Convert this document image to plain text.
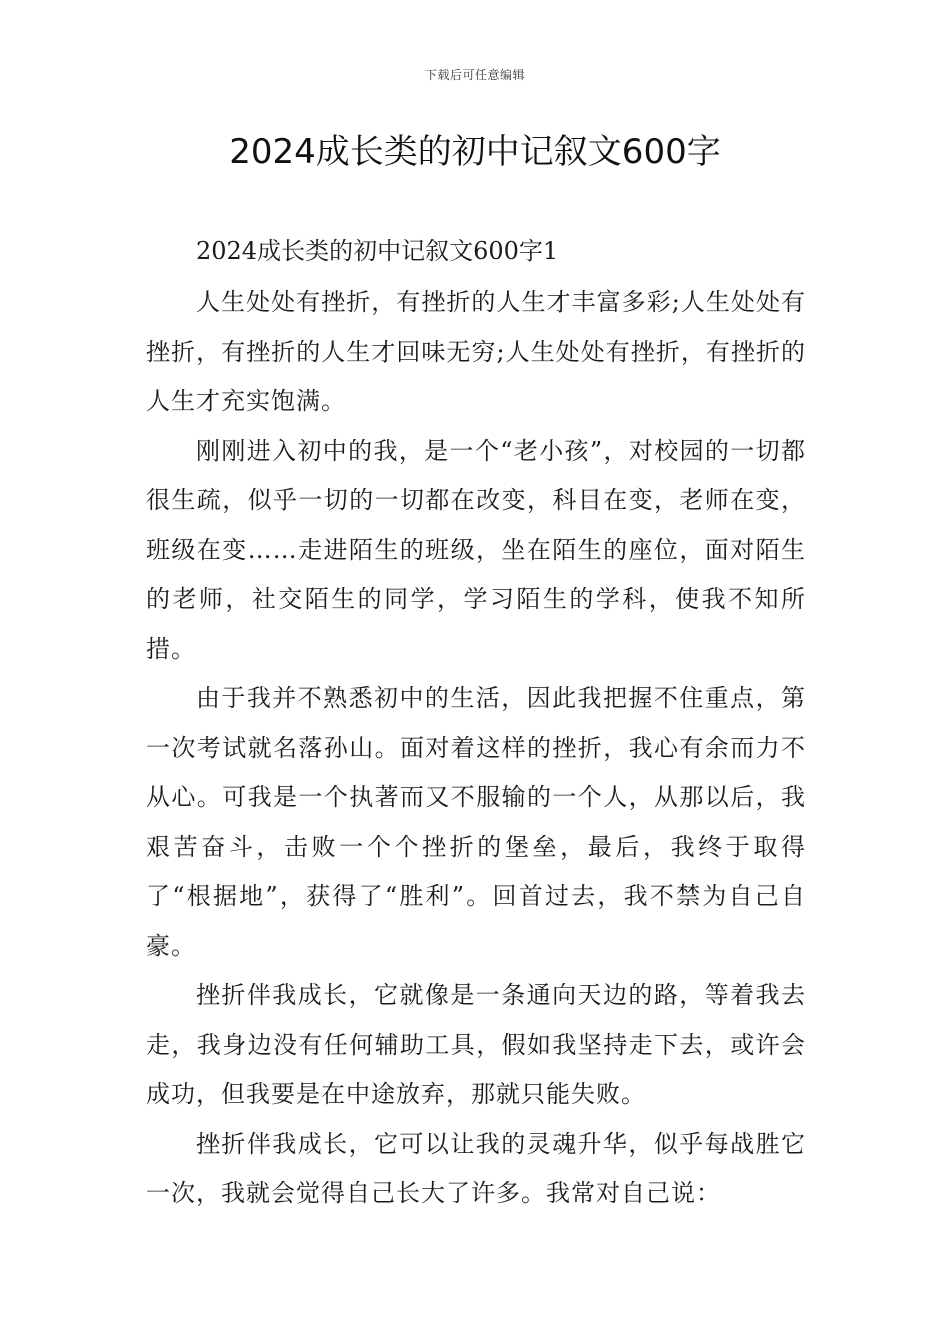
下载后可任意编辑
2024成长类的初中记叙文600字

2024成长类的初中记叙文600字1

人生处处有挫折，有挫折的人生才丰富多彩;人生处处有挫折，有挫折的人生才回味无穷;人生处处有挫折，有挫折的人生才充实饱满。

刚刚进入初中的我，是一个“老小孩”，对校园的一切都很生疏，似乎一切的一切都在改变，科目在变，老师在变，班级在变……走进陌生的班级，坐在陌生的座位，面对陌生的老师，社交陌生的同学，学习陌生的学科，使我不知所措。

由于我并不熟悉初中的生活，因此我把握不住重点，第一次考试就名落孙山。面对着这样的挫折，我心有余而力不从心。可我是一个执著而又不服输的一个人，从那以后，我艰苦奋斗，击败一个个挫折的堡垒，最后，我终于取得了“根据地”，获得了“胜利”。回首过去，我不禁为自己自豪。

挫折伴我成长，它就像是一条通向天边的路，等着我去走，我身边没有任何辅助工具，假如我坚持走下去，或许会成功，但我要是在中途放弃，那就只能失败。

挫折伴我成长，它可以让我的灵魂升华，似乎每战胜它一次，我就会觉得自己长大了许多。我常对自己说：
